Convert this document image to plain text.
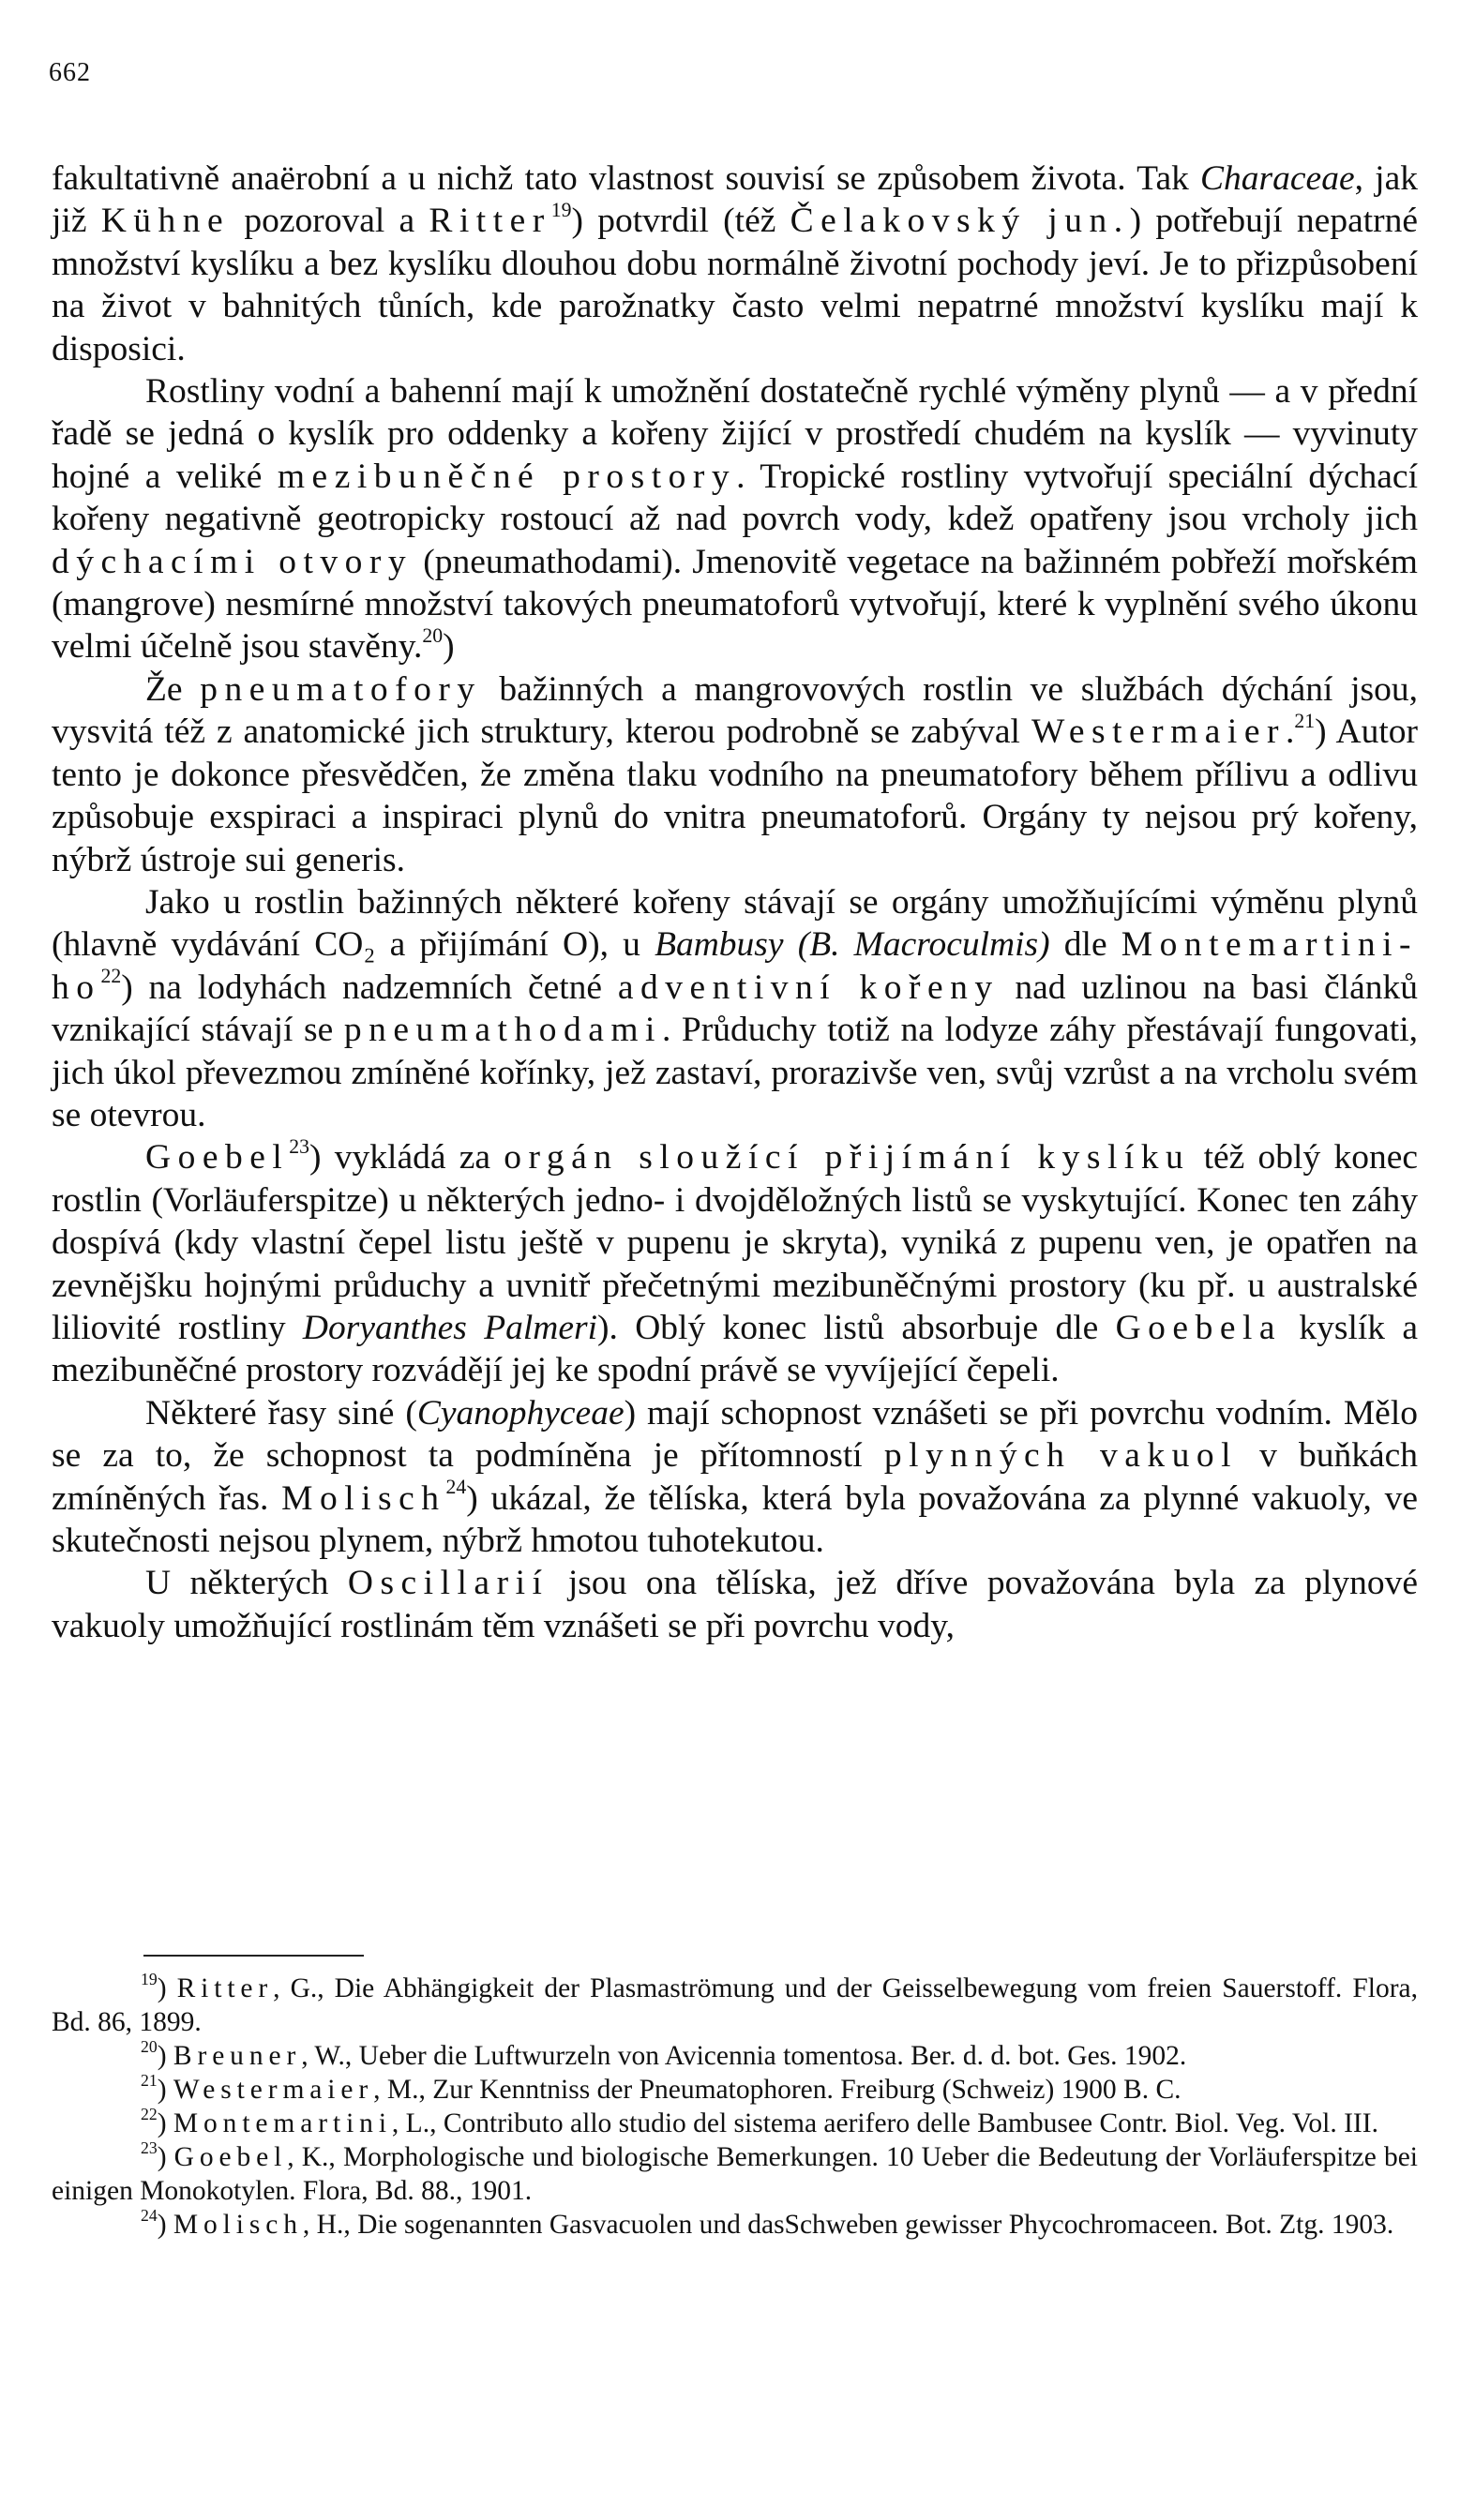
662

fakultativně anaërobní a u nichž tato vlastnost souvisí se způsobem života. Tak Characeae, jak již Kühne pozoroval a Ritter$^{19}$) potvrdil (též Čelakovský jun.) potřebují nepatrné množství kyslíku a bez kyslíku dlouhou dobu normálně životní pochody jeví. Je to přizpůsobení na život v bahnitých tůních, kde parožnatky často velmi nepatrné množství kyslíku mají k disposici.

Rostliny vodní a bahenní mají k umožnění dostatečně rychlé výměny plynů — a v přední řadě se jedná o kyslík pro oddenky a kořeny žijící v prostředí chudém na kyslík — vyvinuty hojné a veliké mezibuněčné prostory. Tropické rostliny vytvořují speciální dýchací kořeny negativně geotropicky rostoucí až nad povrch vody, kdež opatřeny jsou vrcholy jich dýchacími otvory (pneumathodami). Jmenovitě vegetace na bažinném pobřeží mořském (mangrove) nesmírné množství takových pneumatoforů vytvořují, které k vyplnění svého úkonu velmi účelně jsou stavěny.$^{20}$)

Že pneumatofory bažinných a mangrovových rostlin ve službách dýchání jsou, vysvitá též z anatomické jich struktury, kterou podrobně se zabýval Westermaier.$^{21}$) Autor tento je dokonce přesvědčen, že změna tlaku vodního na pneumatofory během přílivu a odlivu způsobuje exspiraci a inspiraci plynů do vnitra pneumatoforů. Orgány ty nejsou prý kořeny, nýbrž ústroje sui generis.

Jako u rostlin bažinných některé kořeny stávají se orgány umožňujícími výměnu plynů (hlavně vydávání CO₂ a přijímání O), u Bambusy (B. Macroculmis) dle Montemartini-$ho^{22}$) na lodyhách nadzemních četné adventivní kořeny nad uzlinou na basi článků vznikající stávají se pneumathodami. Průduchy totiž na lodyze záhy přestávají fungovati, jich úkol převezmou zmíněné kořínky, jež zastaví, prorazivše ven, svůj vzrůst a na vrcholu svém se otevrou.

Goebel$^{23}$) vykládá za orgán sloužící přijímání kyslíku též oblý konec rostlin (Vorläuferspitze) u některých jedno- i dvojděložných listů se vyskytující. Konec ten záhy dospívá (kdy vlastní čepel listu ještě v pupenu je skryta), vyniká z pupenu ven, je opatřen na zevnějšku hojnými průduchy a uvnitř přečetnými mezibuněčnými prostory (ku př. u australské liliovité rostliny Doryanthes Palmeri). Oblý konec listů absorbuje dle Goebela kyslík a mezibuněčné prostory rozvádějí jej ke spodní právě se vyvíjející čepeli.

Některé řasy siné (Cyanophyceae) mají schopnost vznášeti se při povrchu vodním. Mělo se za to, že schopnost ta podmíněna je přítomností plynných vakuol v buňkách zmíněných řas. Molisch$^{24}$) ukázal, že tělíska, která byla považována za plynné vakuoly, ve skutečnosti nejsou plynem, nýbrž hmotou tuhotekutou.

U některých Oscillarií jsou ona tělíska, jež dříve považována byla za plynové vakuoly umožňující rostlinám těm vznášeti se při povrchu vody,

$^{19}$) Ritter, G., Die Abhängigkeit der Plasmaströmung und der Geisselbewegung vom freien Sauerstoff. Flora, Bd. 86, 1899.

$^{20}$) Breuner, W., Ueber die Luftwurzeln von Avicennia tomentosa. Ber. d. d. bot. Ges. 1902.

$^{21}$) Westermaier, M., Zur Kenntniss der Pneumatophoren. Freiburg (Schweiz) 1900 B. C.

$^{22}$) Montemartini, L., Contributo allo studio del sistema aerifero delle Bambusee Contr. Biol. Veg. Vol. III.

$^{23}$) Goebel, K., Morphologische und biologische Bemerkungen. 10 Ueber die Bedeutung der Vorläuferspitze bei einigen Monokotylen. Flora, Bd. 88., 1901.

$^{24}$) Molisch, H., Die sogenannten Gasvacuolen und dasSchweben gewisser Phycochromaceen. Bot. Ztg. 1903.
